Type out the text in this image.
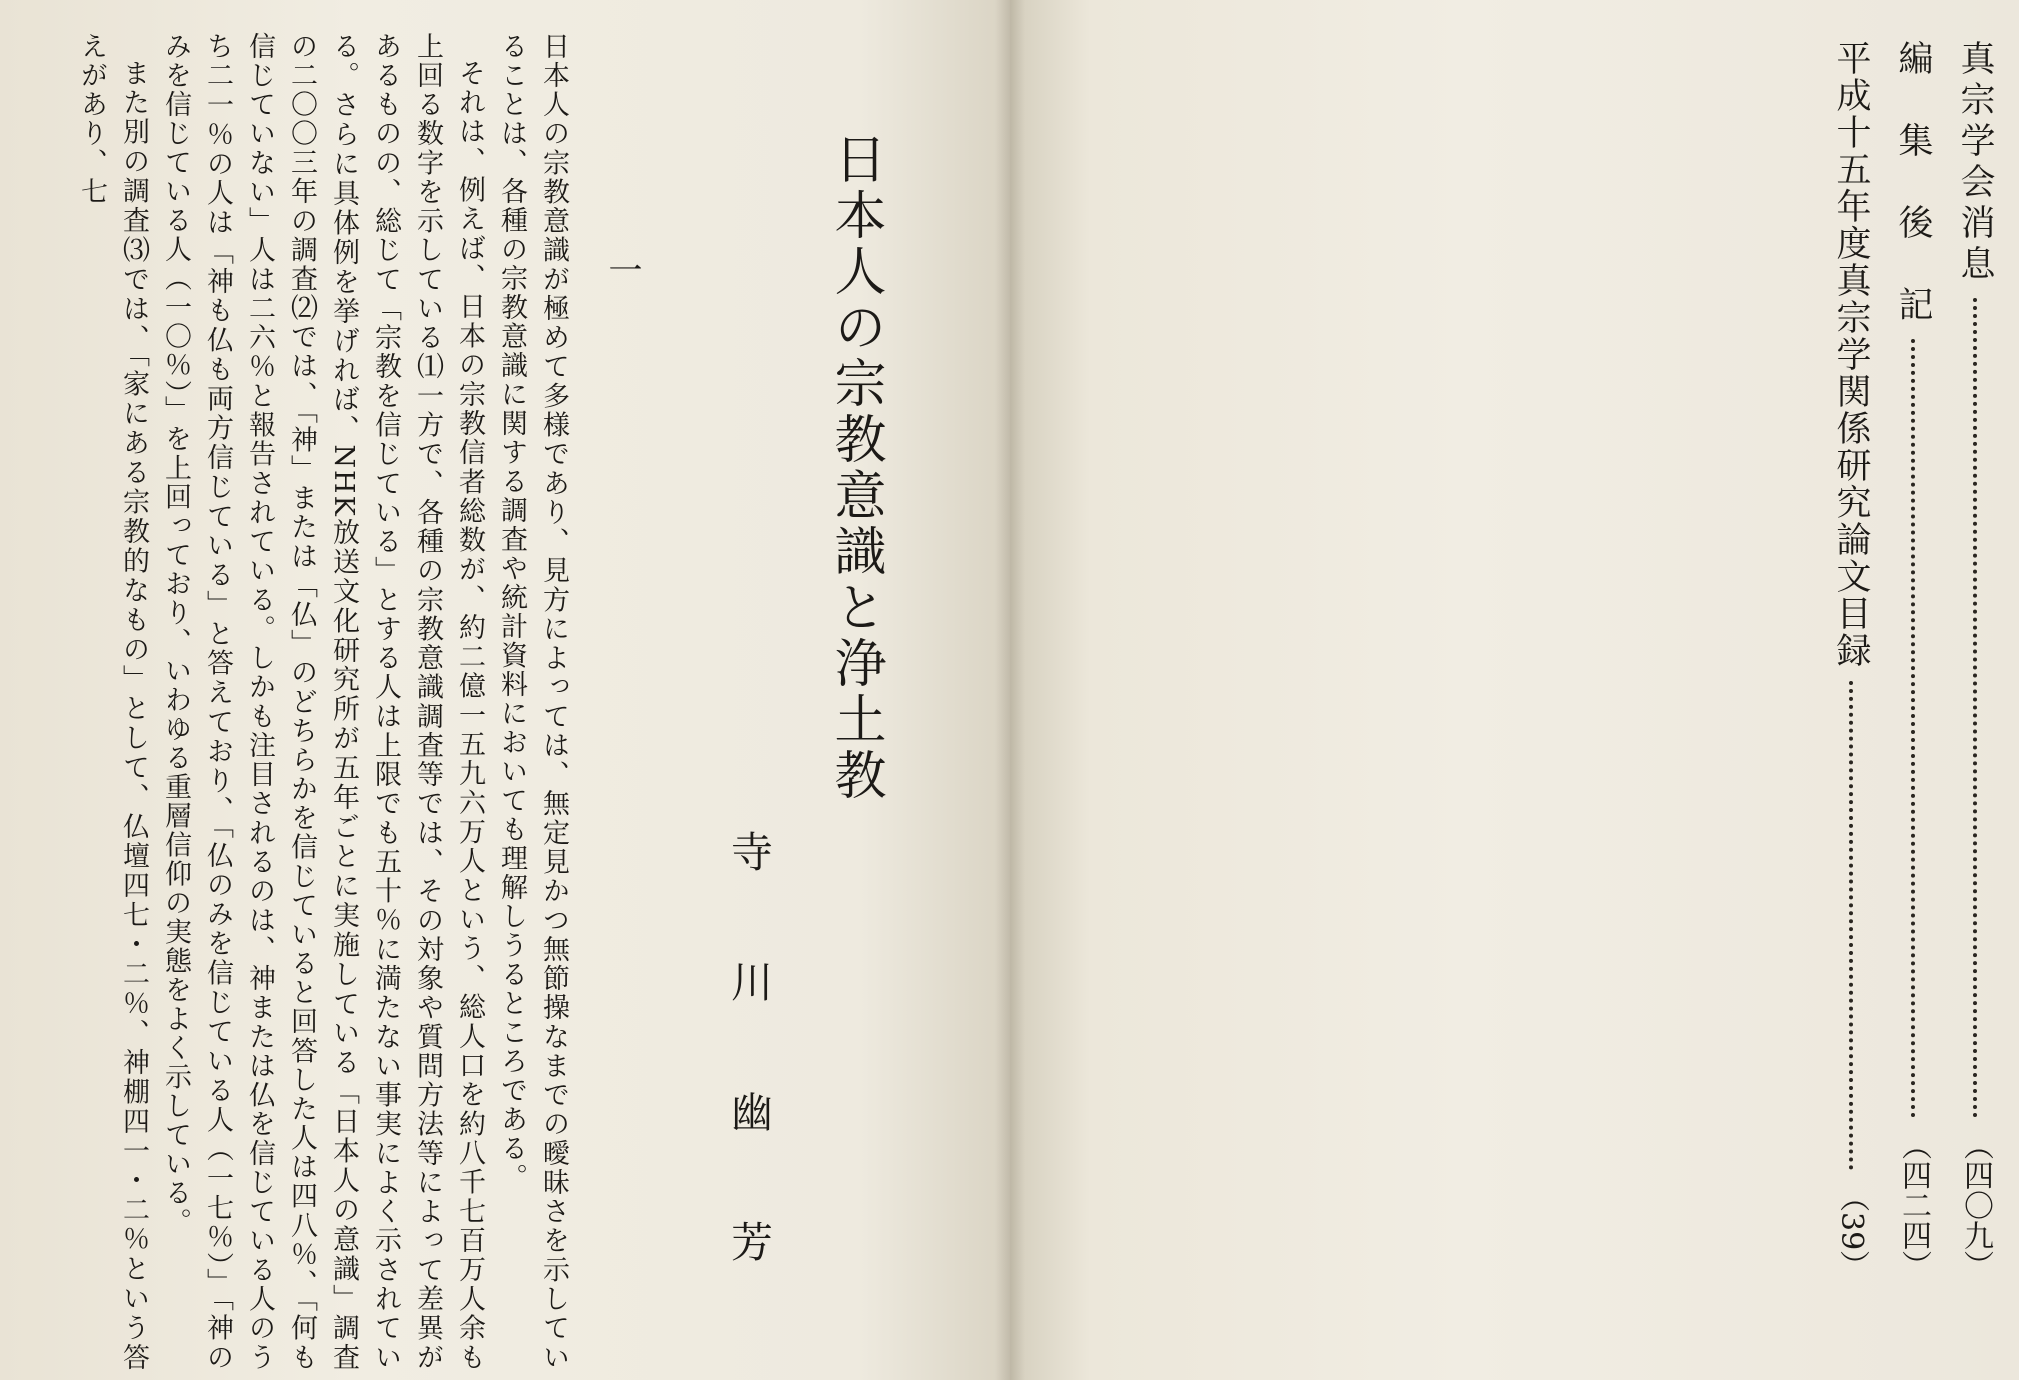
日本人の宗教意識が極めて多様であり、見方によっては、無定見かつ無節操なまでの曖昧さを示していることは、各種の宗教意識に関する調査や統計資料においても理解しうるところである。

それは、例えば、日本の宗教信者総数が、約二億一五九六万人という、総人口を約八千七百万人余も上回る数字を示している⑴一方で、各種の宗教意識調査等では、その対象や質問方法等によって差異があるものの、総じて「宗教を信じている」とする人は上限でも五十％に満たない事実によく示されている。さらに具体例を挙げれば、NHK放送文化研究所が五年ごとに実施している「日本人の意識」調査の二〇〇三年の調査⑵では、「神」または「仏」のどちらかを信じていると回答した人は四八％、「何も信じていない」人は二六％と報告されている。しかも注目されるのは、神または仏を信じている人のうち二一％の人は「神も仏も両方信じている」と答えており、「仏のみを信じている人（一七％）」「神のみを信じている人（一〇％）」を上回っており、いわゆる重層信仰の実態をよく示している。

また別の調査⑶では、「家にある宗教的なもの」として、仏壇四七・二％、神棚四一・二％という答えがあり、七

一	日本人の宗教意識と浄土教
寺
川
幽
芳
真宗学会消息
（四〇九）
編　集　後　記
（四二四）
平成十五年度真宗学関係研究論文目録
（39）
